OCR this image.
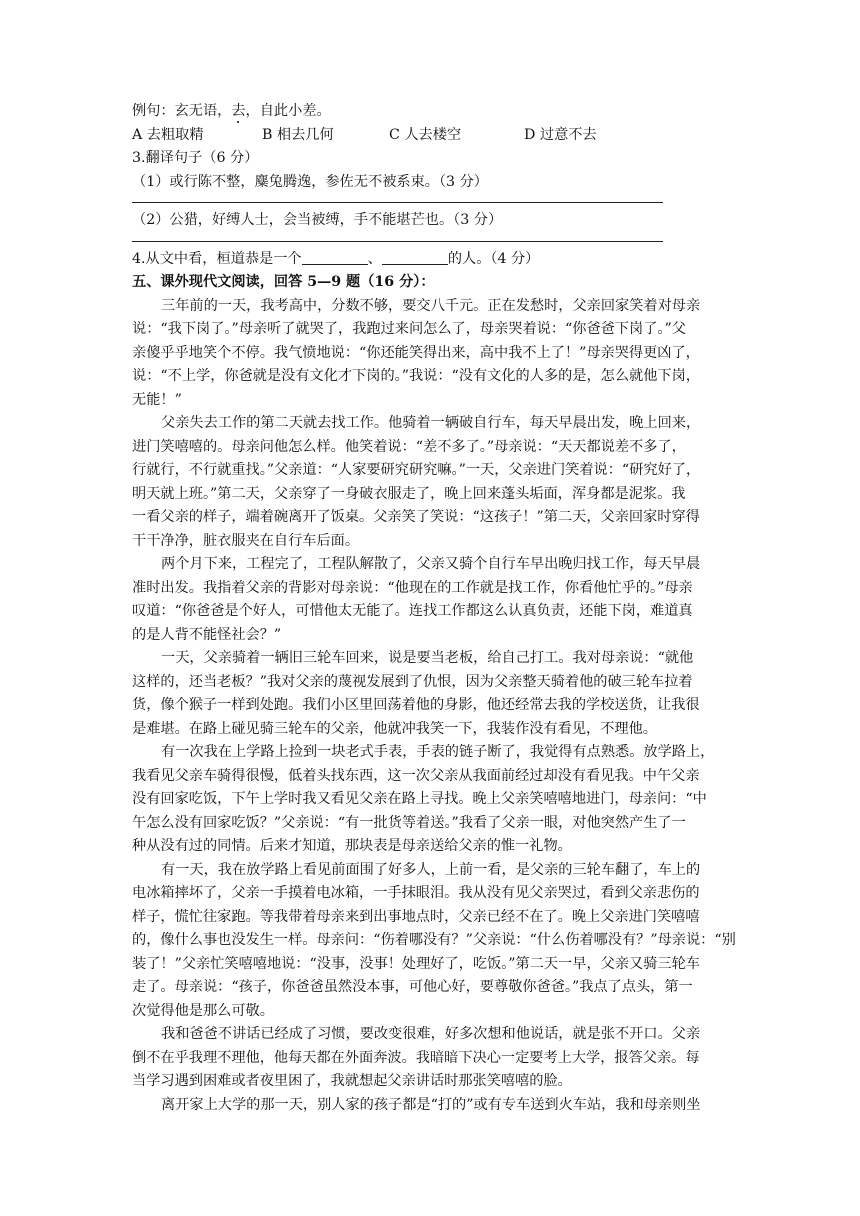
例句：玄无语，去，自此小差。
A 去粗取精	B 相去几何	C 人去楼空	D 过意不去
3.翻译句子（6 分）
（1）或行陈不整，麋兔腾逸，参佐无不被系束。（3 分）
（2）公猎，好缚人士，会当被缚，手不能堪芒也。（3 分）
4.从文中看，桓道恭是一个	、	的人。（4 分）
五、课外现代文阅读，回答 5—9 题（16 分）：
三年前的一天，我考高中，分数不够，要交八千元。正在发愁时，父亲回家笑着对母亲
说：“我下岗了。”母亲听了就哭了，我跑过来问怎么了，母亲哭着说：“你爸爸下岗了。”父
亲傻乎乎地笑个不停。我气愤地说：“你还能笑得出来，高中我不上了！”母亲哭得更凶了，
说：“不上学，你爸就是没有文化才下岗的。”我说：“没有文化的人多的是，怎么就他下岗，
无能！”
父亲失去工作的第二天就去找工作。他骑着一辆破自行车，每天早晨出发，晚上回来，
进门笑嘻嘻的。母亲问他怎么样。他笑着说：“差不多了。”母亲说：“天天都说差不多了，
行就行，不行就重找。”父亲道：“人家要研究研究嘛。”一天，父亲进门笑着说：“研究好了，
明天就上班。”第二天，父亲穿了一身破衣服走了，晚上回来蓬头垢面，浑身都是泥浆。我
一看父亲的样子，端着碗离开了饭桌。父亲笑了笑说：“这孩子！”第二天，父亲回家时穿得
干干净净，脏衣服夹在自行车后面。
两个月下来，工程完了，工程队解散了，父亲又骑个自行车早出晚归找工作，每天早晨
准时出发。我指着父亲的背影对母亲说：“他现在的工作就是找工作，你看他忙乎的。”母亲
叹道：“你爸爸是个好人，可惜他太无能了。连找工作都这么认真负责，还能下岗，难道真
的是人背不能怪社会？”
一天，父亲骑着一辆旧三轮车回来，说是要当老板，给自己打工。我对母亲说：“就他
这样的，还当老板？”我对父亲的蔑视发展到了仇恨，因为父亲整天骑着他的破三轮车拉着
货，像个猴子一样到处跑。我们小区里回荡着他的身影，他还经常去我的学校送货，让我很
是难堪。在路上碰见骑三轮车的父亲，他就冲我笑一下，我装作没有看见，不理他。
有一次我在上学路上捡到一块老式手表，手表的链子断了，我觉得有点熟悉。放学路上，
我看见父亲车骑得很慢，低着头找东西，这一次父亲从我面前经过却没有看见我。中午父亲
没有回家吃饭，下午上学时我又看见父亲在路上寻找。晚上父亲笑嘻嘻地进门，母亲问：“中
午怎么没有回家吃饭？”父亲说：“有一批货等着送。”我看了父亲一眼，对他突然产生了一
种从没有过的同情。后来才知道，那块表是母亲送给父亲的惟一礼物。
有一天，我在放学路上看见前面围了好多人，上前一看，是父亲的三轮车翻了，车上的
电冰箱摔坏了，父亲一手摸着电冰箱，一手抹眼泪。我从没有见父亲哭过，看到父亲悲伤的
样子，慌忙往家跑。等我带着母亲来到出事地点时，父亲已经不在了。晚上父亲进门笑嘻嘻
的，像什么事也没发生一样。母亲问：“伤着哪没有？”父亲说：“什么伤着哪没有？”母亲说：“别
装了！”父亲忙笑嘻嘻地说：“没事，没事！处理好了，吃饭。”第二天一早，父亲又骑三轮车
走了。母亲说：“孩子，你爸爸虽然没本事，可他心好，要尊敬你爸爸。”我点了点头，第一
次觉得他是那么可敬。
我和爸爸不讲话已经成了习惯，要改变很难，好多次想和他说话，就是张不开口。父亲
倒不在乎我理不理他，他每天都在外面奔波。我暗暗下决心一定要考上大学，报答父亲。每
当学习遇到困难或者夜里困了，我就想起父亲讲话时那张笑嘻嘻的脸。
离开家上大学的那一天，别人家的孩子都是“打的”或有专车送到火车站，我和母亲则坐
